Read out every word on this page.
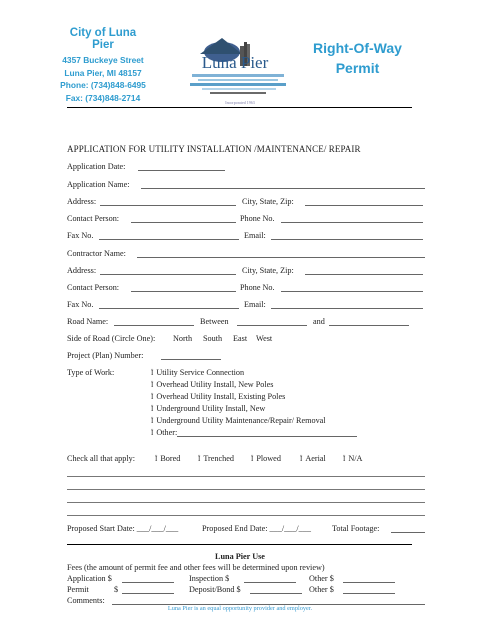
City of Luna Pier
4357 Buckeye Street
Luna Pier, MI 48157
Phone: (734)848-6495
Fax: (734)848-2714
Luna Pier
Incorporated 1963
Right-Of-Way
Permit
APPLICATION FOR UTILITY INSTALLATION /MAINTENANCE/ REPAIR
Application Date:
Application Name:
Address:	City, State, Zip:
Contact Person:	Phone No.
Fax No.	Email:
Contractor Name:
Address:	City, State, Zip:
Contact Person:	Phone No.
Fax No.	Email:
Road Name:	Between	and
Side of Road (Circle One): North South East West
Project (Plan) Number:
Type of Work:	Ï Utility Service Connection
Ï Overhead Utility Install, New Poles
Ï Overhead Utility Install, Existing Poles
Ï Underground Utility Install, New
Ï Underground Utility Maintenance/Repair/ Removal
Ï Other:
Check all that apply:	Ï Bored	Ï Trenched Ï Plowed	Ï Aerial Ï N/A
Proposed Start Date: ___/___/___	Proposed End Date: ___/___/___	Total Footage:
Luna Pier Use
Fees (the amount of permit fee and other fees will be determined upon review)
Application $	Inspection $	Other $
Permit	$	Deposit/Bond $	Other $
Comments:
Luna Pier is an equal opportunity provider and employer.
